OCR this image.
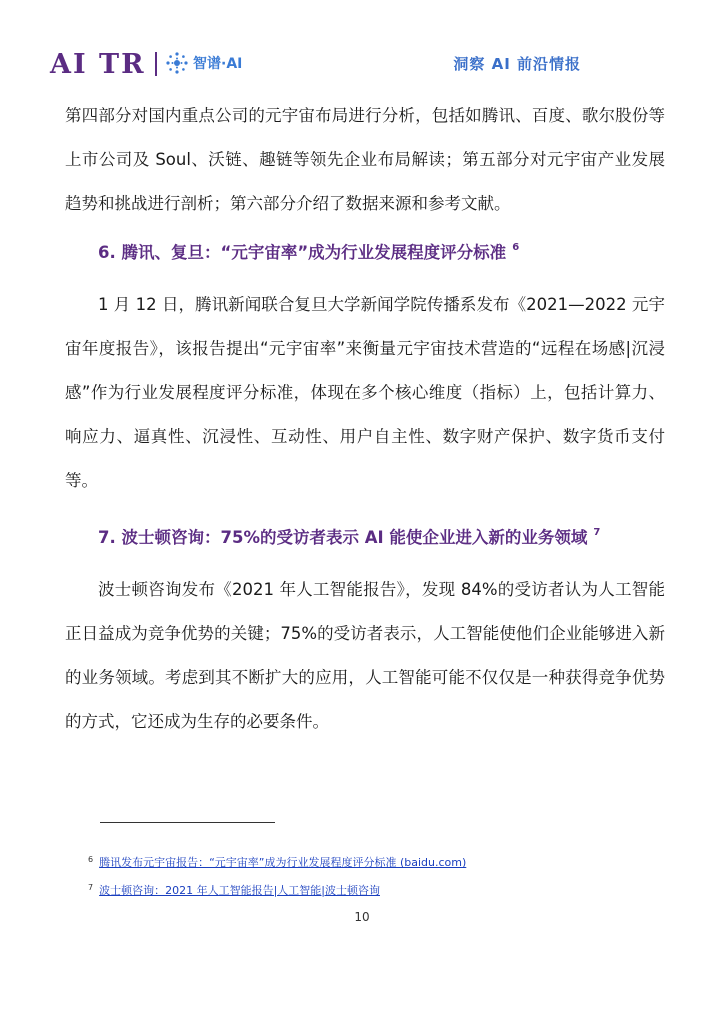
AI TR	智谱·AI	洞察 AI 前沿情报

第四部分对国内重点公司的元宇宙布局进行分析，包括如腾讯、百度、歌尔股份等上市公司及 Soul、沃链、趣链等领先企业布局解读；第五部分对元宇宙产业发展趋势和挑战进行剖析；第六部分介绍了数据来源和参考文献。

6. 腾讯、复旦：“元宇宙率”成为行业发展程度评分标准 $^6$

1 月 12 日，腾讯新闻联合复旦大学新闻学院传播系发布《2021—2022 元宇宙年度报告》，该报告提出“元宇宙率”来衡量元宇宙技术营造的“远程在场感|沉浸感”作为行业发展程度评分标准，体现在多个核心维度（指标）上，包括计算力、响应力、逼真性、沉浸性、互动性、用户自主性、数字财产保护、数字货币支付等。

7. 波士顿咨询：75%的受访者表示 AI 能使企业进入新的业务领域 $^7$

波士顿咨询发布《2021 年人工智能报告》，发现 84%的受访者认为人工智能正日益成为竞争优势的关键；75%的受访者表示，人工智能使他们企业能够进入新的业务领域。考虑到其不断扩大的应用，人工智能可能不仅仅是一种获得竞争优势的方式，它还成为生存的必要条件。

$^6$ 腾讯发布元宇宙报告：“元宇宙率”成为行业发展程度评分标准 (baidu.com)
$^7$ 波士顿咨询：2021 年人工智能报告|人工智能|波士顿咨询
10
